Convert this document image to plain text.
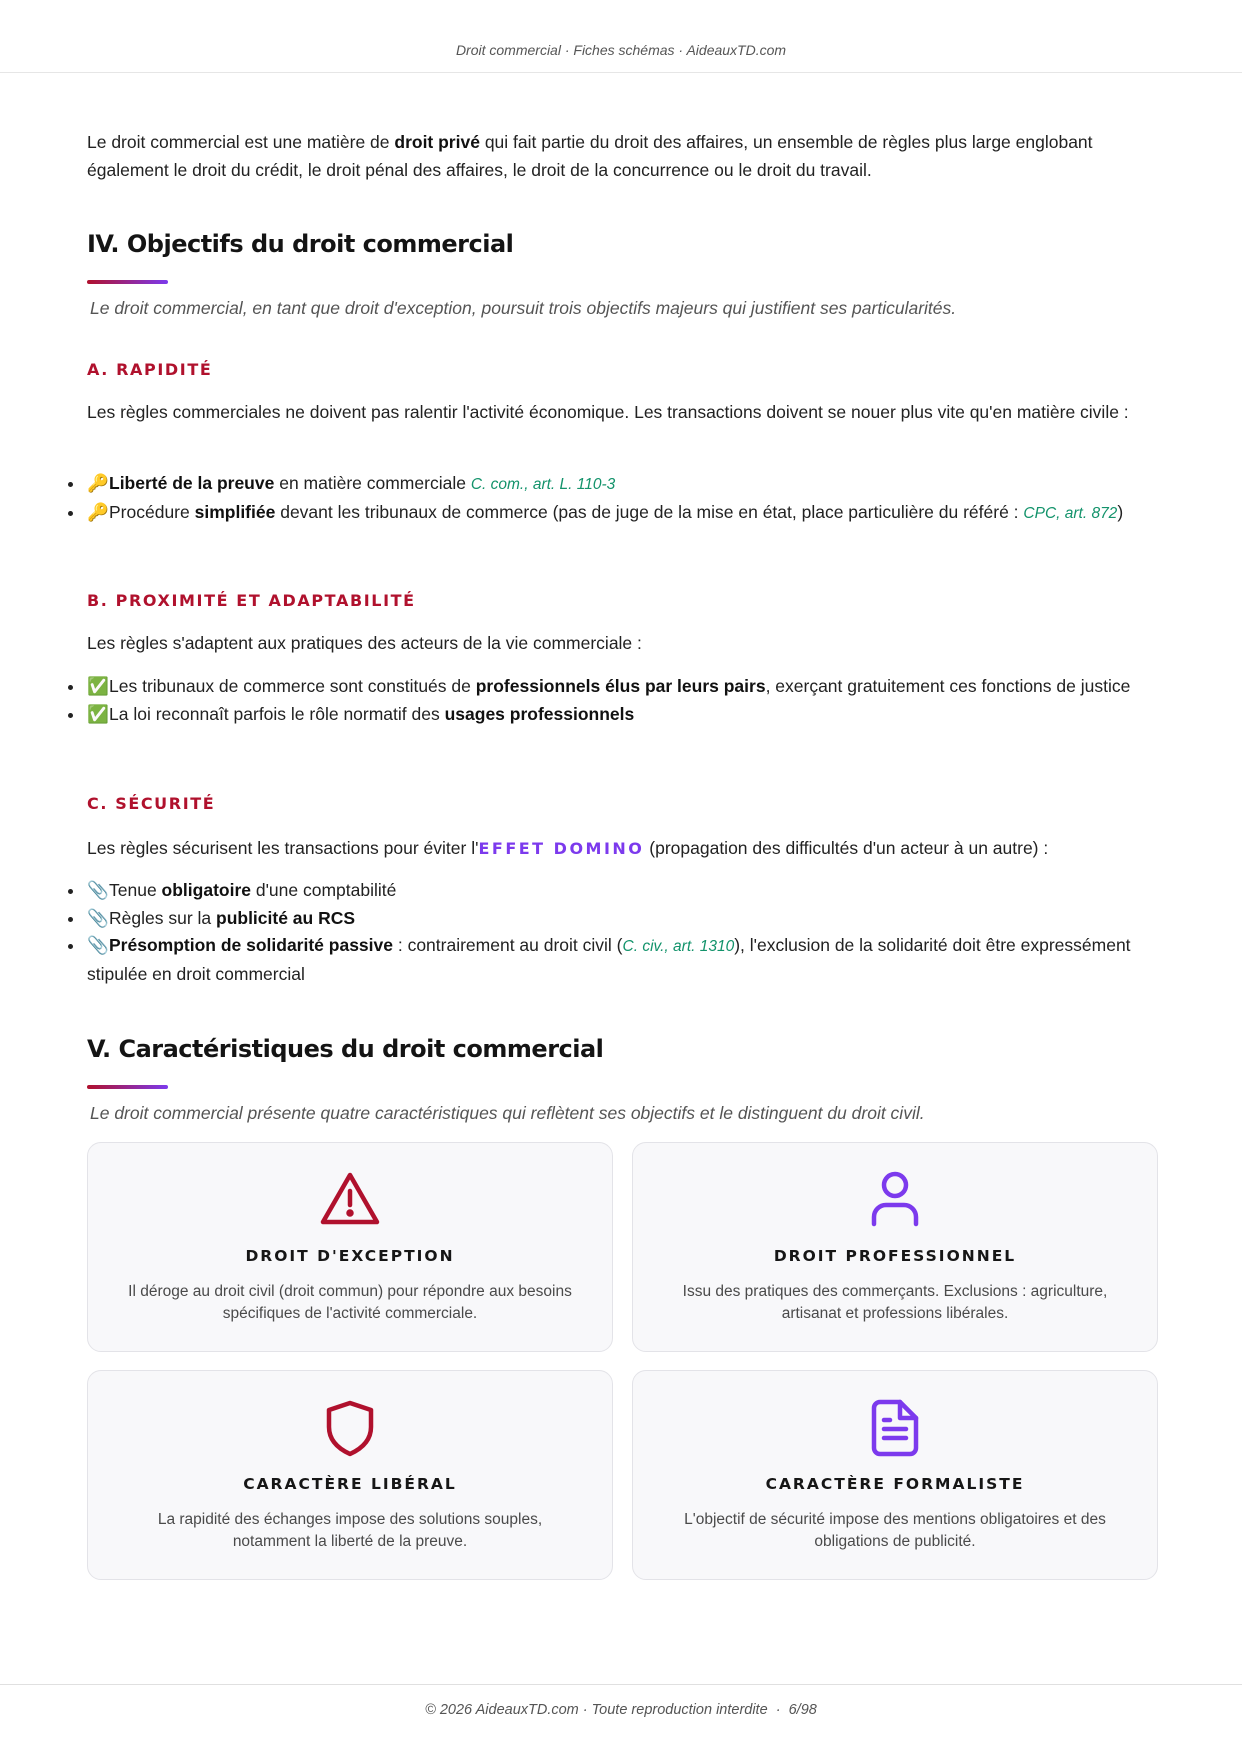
Droit commercial · Fiches schémas · AideauxTD.com

Le droit commercial est une matière de droit privé qui fait partie du droit des affaires, un ensemble de règles plus large englobant également le droit du crédit, le droit pénal des affaires, le droit de la concurrence ou le droit du travail.

IV. Objectifs du droit commercial

Le droit commercial, en tant que droit d'exception, poursuit trois objectifs majeurs qui justifient ses particularités.

A. RAPIDITÉ

Les règles commerciales ne doivent pas ralentir l'activité économique. Les transactions doivent se nouer plus vite qu'en matière civile :

🔑Liberté de la preuve en matière commerciale C. com., art. L. 110-3
🔑Procédure simplifiée devant les tribunaux de commerce (pas de juge de la mise en état, place particulière du référé : CPC, art. 872)
B. PROXIMITÉ ET ADAPTABILITÉ

Les règles s'adaptent aux pratiques des acteurs de la vie commerciale :

✅Les tribunaux de commerce sont constitués de professionnels élus par leurs pairs, exerçant gratuitement ces fonctions de justice
✅La loi reconnaît parfois le rôle normatif des usages professionnels
C. SÉCURITÉ

Les règles sécurisent les transactions pour éviter l'EFFET DOMINO (propagation des difficultés d'un acteur à un autre) :

📎Tenue obligatoire d'une comptabilité
📎Règles sur la publicité au RCS
📎Présomption de solidarité passive : contrairement au droit civil (C. civ., art. 1310), l'exclusion de la solidarité doit être expressément stipulée en droit commercial
V. Caractéristiques du droit commercial

Le droit commercial présente quatre caractéristiques qui reflètent ses objectifs et le distinguent du droit civil.

DROIT D'EXCEPTION
Il déroge au droit civil (droit commun) pour répondre aux besoins spécifiques de l'activité commerciale.
DROIT PROFESSIONNEL
Issu des pratiques des commerçants. Exclusions : agriculture, artisanat et professions libérales.
CARACTÈRE LIBÉRAL
La rapidité des échanges impose des solutions souples, notamment la liberté de la preuve.
CARACTÈRE FORMALISTE
L'objectif de sécurité impose des mentions obligatoires et des obligations de publicité.
© 2026 AideauxTD.com · Toute reproduction interdite  ·  6/98
